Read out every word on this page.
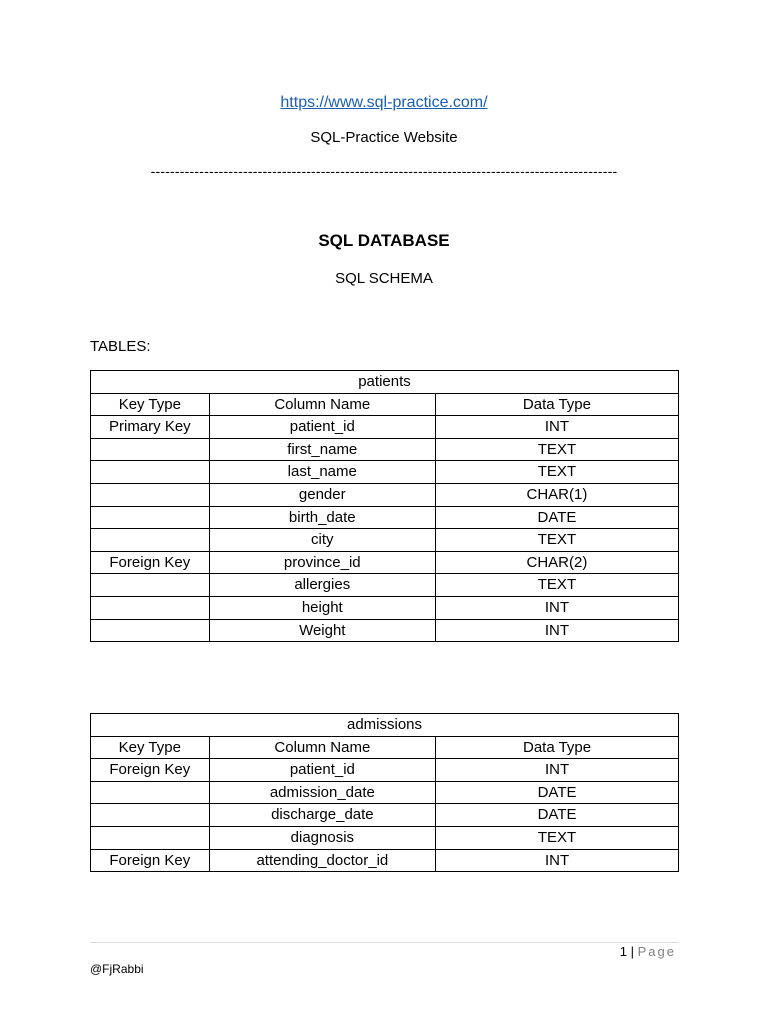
https://www.sql-practice.com/
SQL-Practice Website
------------------------------------------------------------------------------------------------
SQL DATABASE
SQL SCHEMA
TABLES:
patients		
Key Type	Column Name	Data Type
Primary Key	patient_id	INT
	first_name	TEXT
	last_name	TEXT
	gender	CHAR(1)
	birth_date	DATE
	city	TEXT
Foreign Key	province_id	CHAR(2)
	allergies	TEXT
	height	INT
	Weight	INT
admissions		
Key Type	Column Name	Data Type
Foreign Key	patient_id	INT
	admission_date	DATE
	discharge_date	DATE
	diagnosis	TEXT
Foreign Key	attending_doctor_id	INT
1 | Page
@FjRabbi
